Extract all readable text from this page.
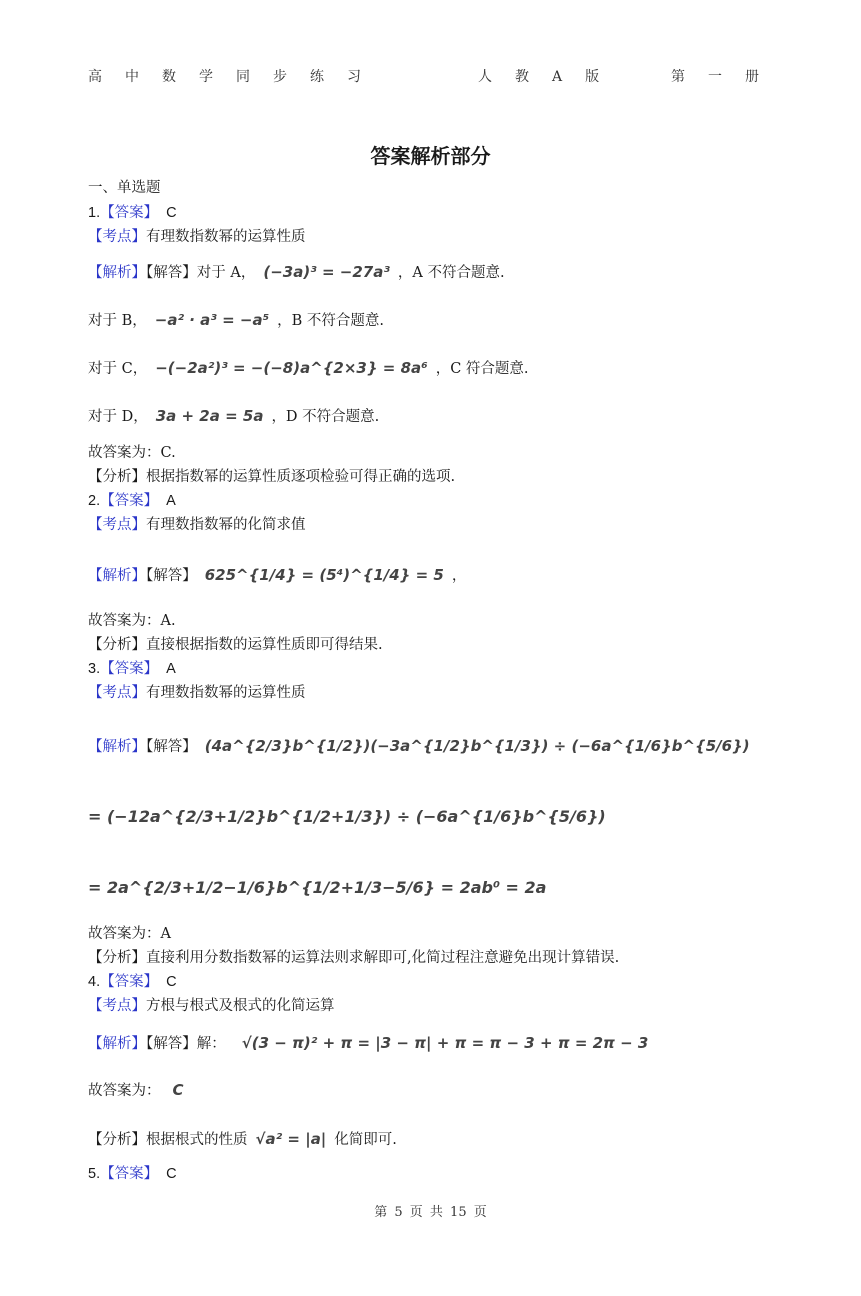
高中数学同步练习	人教A版	第一册
答案解析部分
一、单选题
1.【答案】 C
【考点】有理数指数幂的运算性质
【解析】【解答】对于 A， (−3a)³ = −27a³ ，A 不符合题意.
对于 B， −a² · a³ = −a⁵ ，B 不符合题意.
对于 C， −(−2a²)³ = −(−8)a^{2×3} = 8a⁶ ，C 符合题意.
对于 D， 3a + 2a = 5a ，D 不符合题意.
故答案为：C.
【分析】根据指数幂的运算性质逐项检验可得正确的选项.
2.【答案】 A
【考点】有理数指数幂的化简求值
【解析】【解答】 625^{1/4} = (5⁴)^{1/4} = 5 ，
故答案为：A.
【分析】直接根据指数的运算性质即可得结果.
3.【答案】 A
【考点】有理数指数幂的运算性质
【解析】【解答】 (4a^{2/3}b^{1/2})(−3a^{1/2}b^{1/3}) ÷ (−6a^{1/6}b^{5/6})
= (−12a^{2/3+1/2}b^{1/2+1/3}) ÷ (−6a^{1/6}b^{5/6})
= 2a^{2/3+1/2−1/6}b^{1/2+1/3−5/6} = 2ab⁰ = 2a
故答案为：A
【分析】直接利用分数指数幂的运算法则求解即可,化简过程注意避免出现计算错误.
4.【答案】 C
【考点】方根与根式及根式的化简运算
【解析】【解答】解： √(3 − π)² + π = |3 − π| + π = π − 3 + π = 2π − 3
故答案为： C
【分析】根据根式的性质 √a² = |a| 化简即可.
5.【答案】 C
第 5 页 共 15 页
